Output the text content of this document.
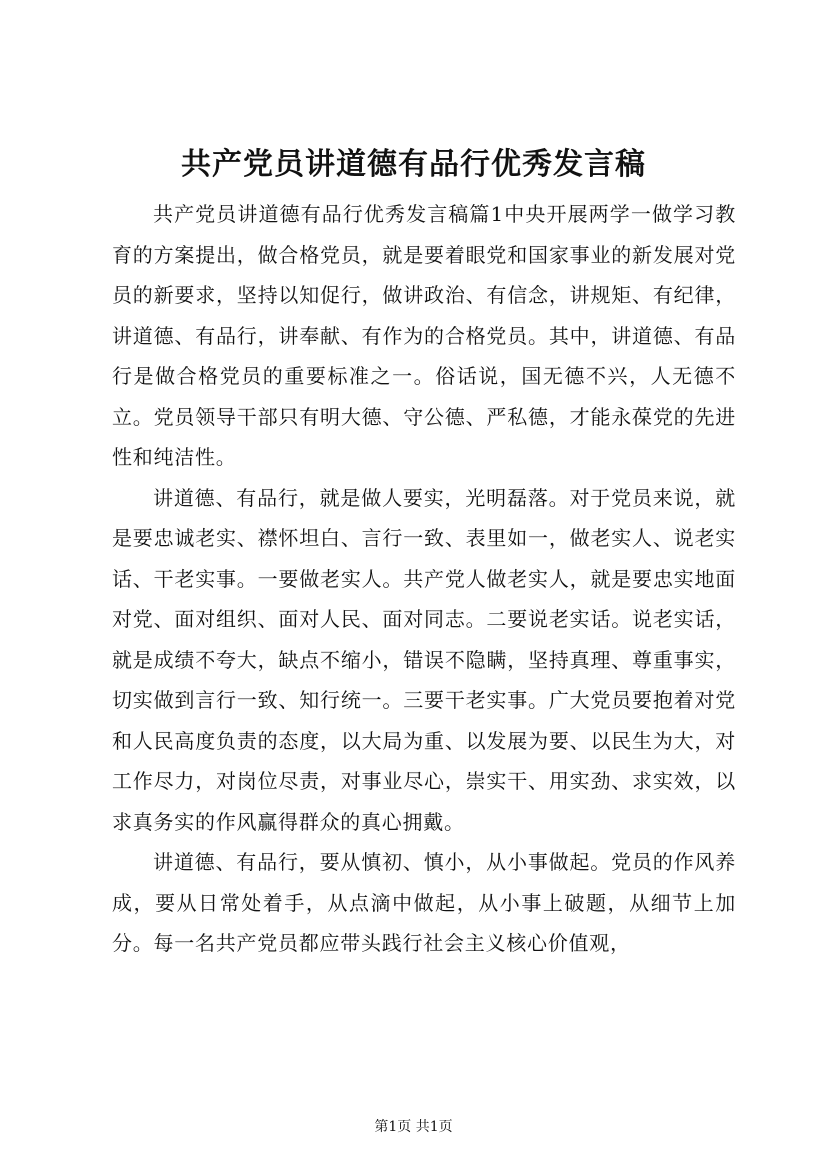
共产党员讲道德有品行优秀发言稿

共产党员讲道德有品行优秀发言稿篇1中央开展两学一做学习教育的方案提出，做合格党员，就是要着眼党和国家事业的新发展对党员的新要求，坚持以知促行，做讲政治、有信念，讲规矩、有纪律，讲道德、有品行，讲奉献、有作为的合格党员。其中，讲道德、有品行是做合格党员的重要标准之一。俗话说，国无德不兴，人无德不立。党员领导干部只有明大德、守公德、严私德，才能永葆党的先进性和纯洁性。

讲道德、有品行，就是做人要实，光明磊落。对于党员来说，就是要忠诚老实、襟怀坦白、言行一致、表里如一，做老实人、说老实话、干老实事。一要做老实人。共产党人做老实人，就是要忠实地面对党、面对组织、面对人民、面对同志。二要说老实话。说老实话，就是成绩不夸大，缺点不缩小，错误不隐瞒，坚持真理、尊重事实，切实做到言行一致、知行统一。三要干老实事。广大党员要抱着对党和人民高度负责的态度，以大局为重、以发展为要、以民生为大，对工作尽力，对岗位尽责，对事业尽心，崇实干、用实劲、求实效，以求真务实的作风赢得群众的真心拥戴。

讲道德、有品行，要从慎初、慎小，从小事做起。党员的作风养成，要从日常处着手，从点滴中做起，从小事上破题，从细节上加分。每一名共产党员都应带头践行社会主义核心价值观，

第1页 共1页
